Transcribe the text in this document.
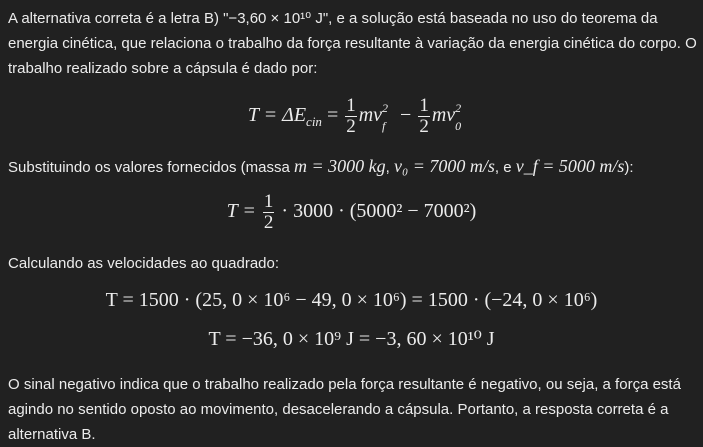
A alternativa correta é a letra B) "−3,60 × 10¹⁰ J", e a solução está baseada no uso do teorema da energia cinética, que relaciona o trabalho da força resultante à variação da energia cinética do corpo. O trabalho realizado sobre a cápsula é dado por:

$T = \Delta E_{cin} = \frac{1}{2}$ mv 2
$f - \frac{1}{2}$ mv 2
0

Substituindo os valores fornecidos (massa m = 3000 kg, v₀ = 7000 m/s, e v_f = 5000 m/s):

$T = \frac{1}{2} \cdot 3000 \cdot (5000^2 - 7000^2)$

Calculando as velocidades ao quadrado:

T = 1500 · (25, 0 × 10⁶ − 49, 0 × 10⁶) = 1500 · (−24, 0 × 10⁶)
T = −36, 0 × 10⁹ J = −3, 60 × 10¹⁰ J

O sinal negativo indica que o trabalho realizado pela força resultante é negativo, ou seja, a força está agindo no sentido oposto ao movimento, desacelerando a cápsula. Portanto, a resposta correta é a alternativa B.
